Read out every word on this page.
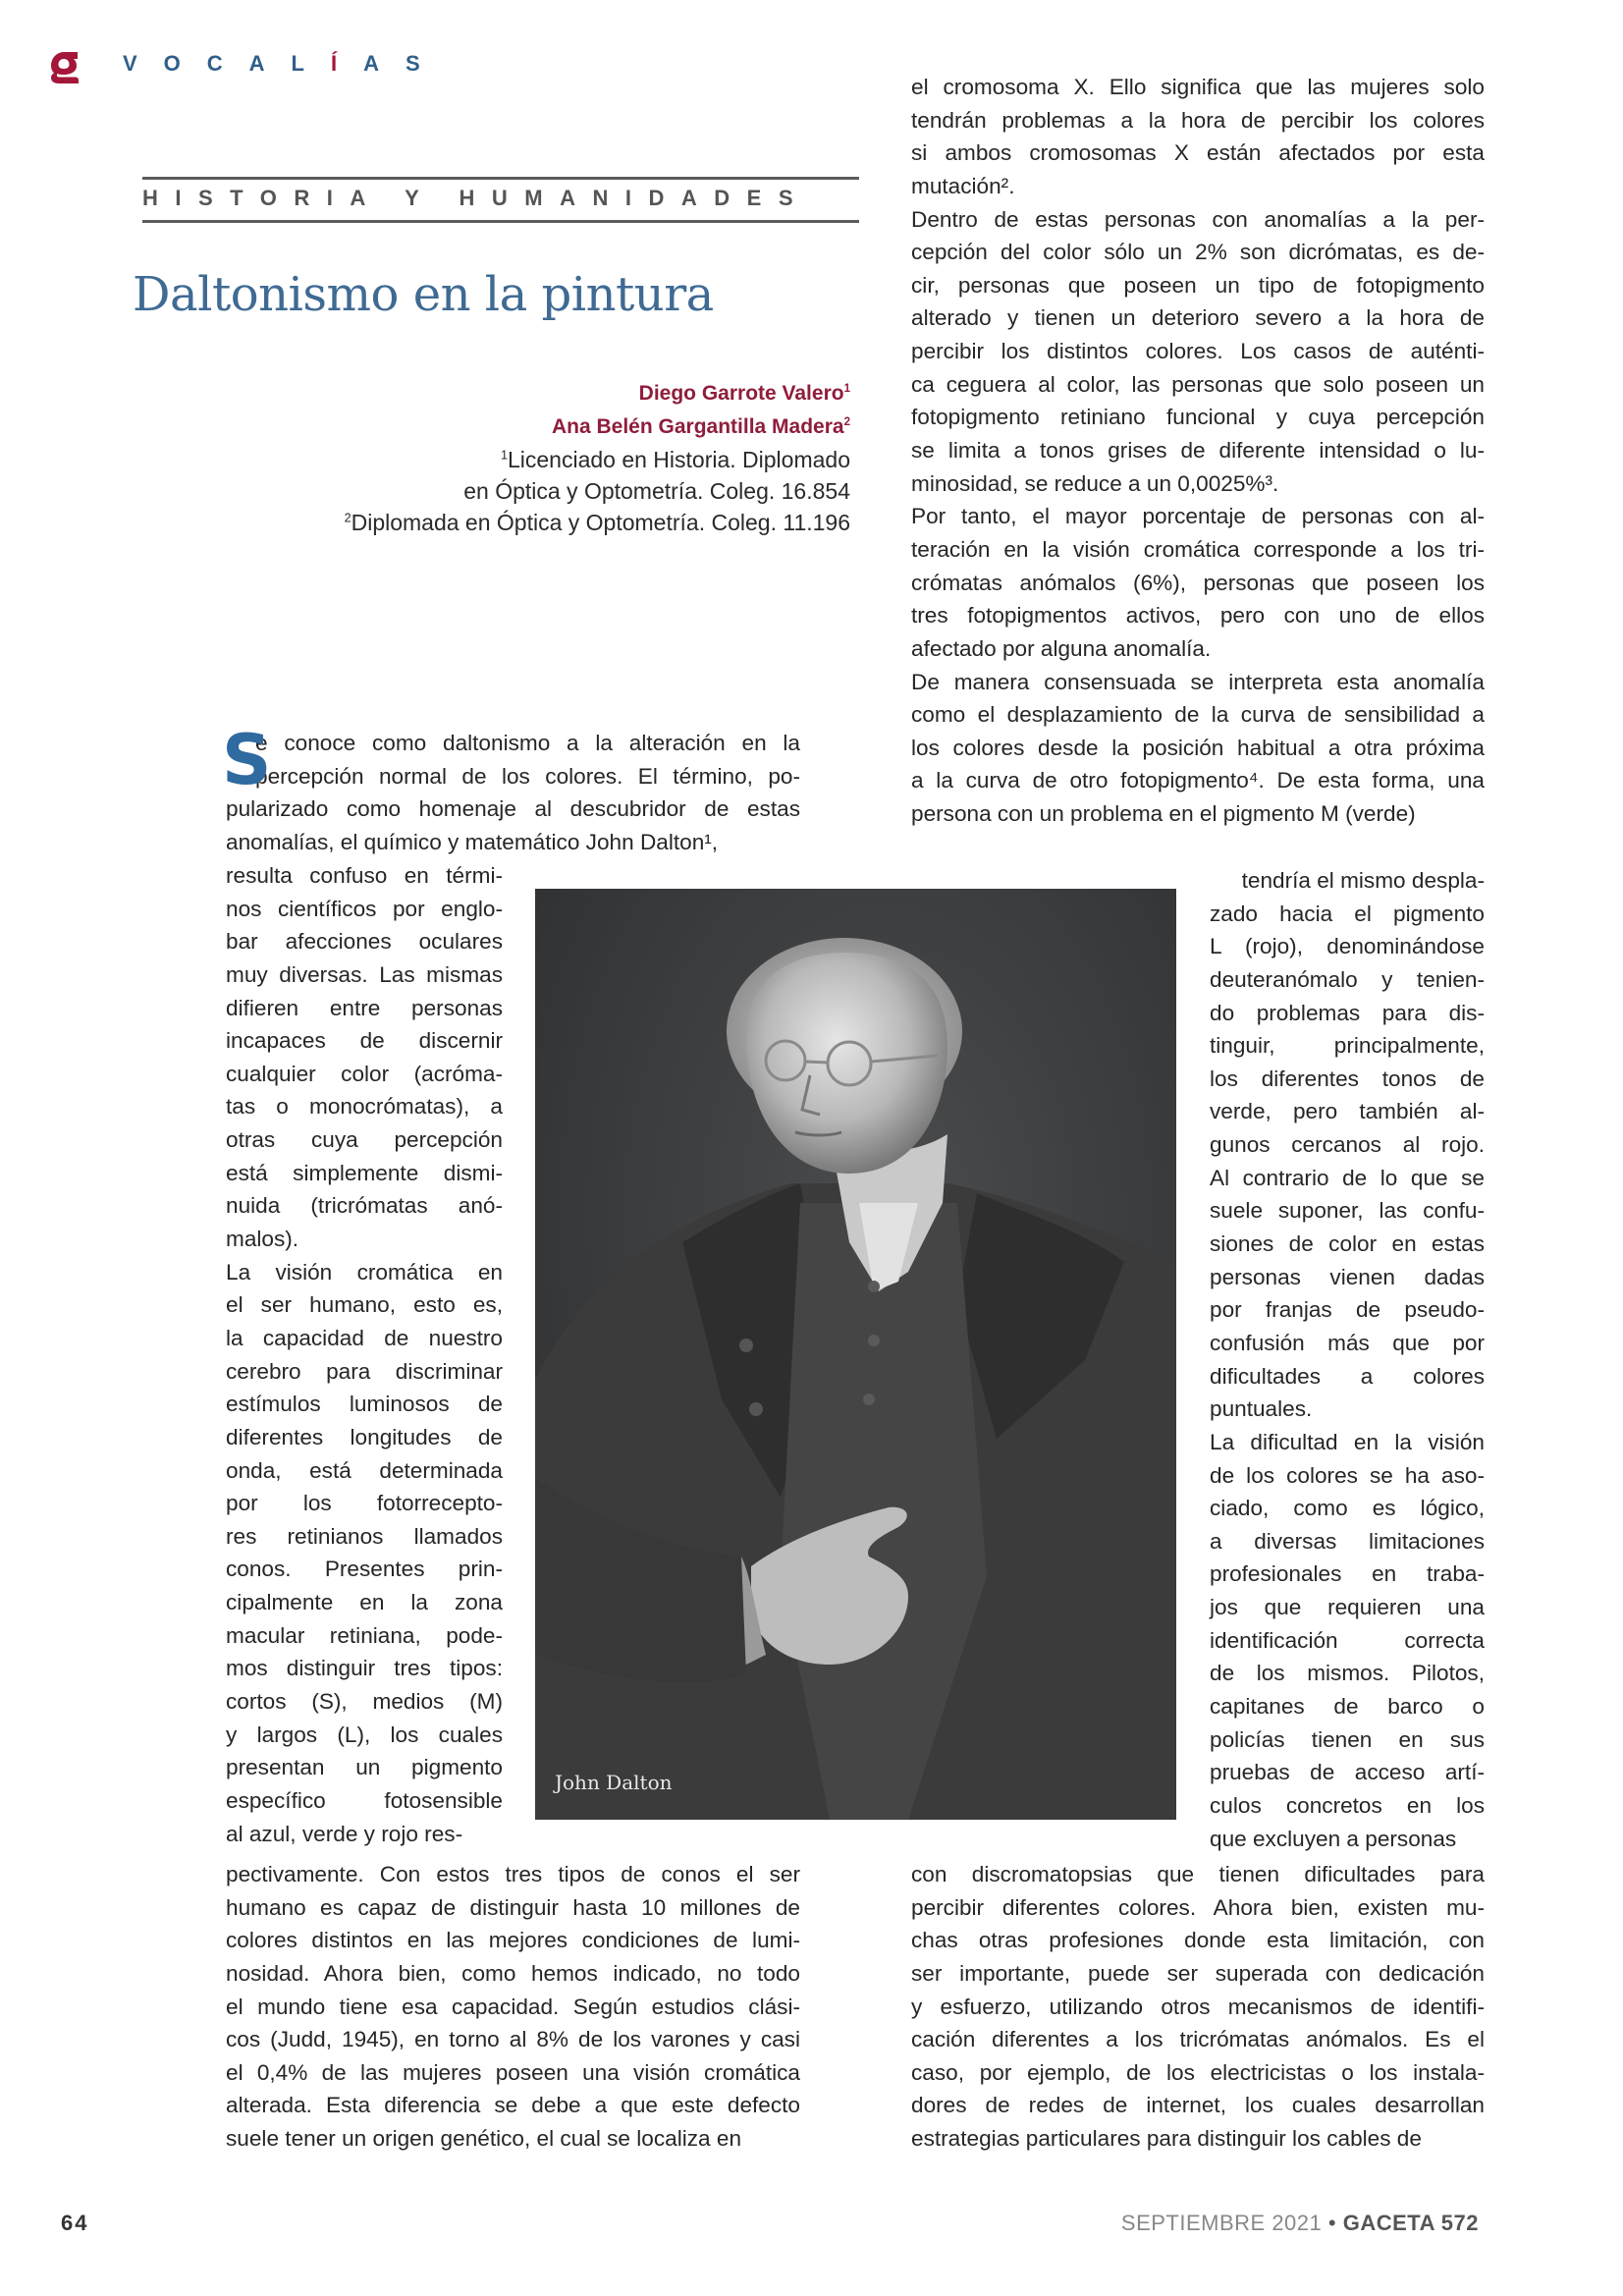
VOCALÍAS
HISTORIA Y HUMANIDADES
Daltonismo en la pintura
Diego Garrote Valero$^1$
Ana Belén Gargantilla Madera$^2$
$^1$Licenciado en Historia. Diplomado
en Óptica y Optometría. Coleg. 16.854
$^2$Diplomada en Óptica y Optometría. Coleg. 11.196
S
e conoce como daltonismo a la alteración en la
percepción normal de los colores. El término, po-
pularizado como homenaje al descubridor de estas
anomalías, el químico y matemático John Dalton¹,
resulta confuso en térmi-
nos científicos por englo-
bar afecciones oculares
muy diversas. Las mismas
difieren entre personas
incapaces de discernir
cualquier color (acróma-
tas o monocrómatas), a
otras cuya percepción
está simplemente dismi-
nuida (tricrómatas anó-
malos).
La visión cromática en
el ser humano, esto es,
la capacidad de nuestro
cerebro para discriminar
estímulos luminosos de
diferentes longitudes de
onda, está determinada
por los fotorrecepto-
res retinianos llamados
conos. Presentes prin-
cipalmente en la zona
macular retiniana, pode-
mos distinguir tres tipos:
cortos (S), medios (M)
y largos (L), los cuales
presentan un pigmento
específico fotosensible
al azul, verde y rojo res-
pectivamente. Con estos tres tipos de conos el ser
humano es capaz de distinguir hasta 10 millones de
colores distintos en las mejores condiciones de lumi-
nosidad. Ahora bien, como hemos indicado, no todo
el mundo tiene esa capacidad. Según estudios clási-
cos (Judd, 1945), en torno al 8% de los varones y casi
el 0,4% de las mujeres poseen una visión cromática
alterada. Esta diferencia se debe a que este defecto
suele tener un origen genético, el cual se localiza en
John Dalton
el cromosoma X. Ello significa que las mujeres solo
tendrán problemas a la hora de percibir los colores
si ambos cromosomas X están afectados por esta
mutación².
Dentro de estas personas con anomalías a la per-
cepción del color sólo un 2% son dicrómatas, es de-
cir, personas que poseen un tipo de fotopigmento
alterado y tienen un deterioro severo a la hora de
percibir los distintos colores. Los casos de auténti-
ca ceguera al color, las personas que solo poseen un
fotopigmento retiniano funcional y cuya percepción
se limita a tonos grises de diferente intensidad o lu-
minosidad, se reduce a un 0,0025%³.
Por tanto, el mayor porcentaje de personas con al-
teración en la visión cromática corresponde a los tri-
crómatas anómalos (6%), personas que poseen los
tres fotopigmentos activos, pero con uno de ellos
afectado por alguna anomalía.
De manera consensuada se interpreta esta anomalía
como el desplazamiento de la curva de sensibilidad a
los colores desde la posición habitual a otra próxima
a la curva de otro fotopigmento⁴. De esta forma, una
persona con un problema en el pigmento M (verde)
tendría el mismo despla-
zado hacia el pigmento
L (rojo), denominándose
deuteranómalo y tenien-
do problemas para dis-
tinguir, principalmente,
los diferentes tonos de
verde, pero también al-
gunos cercanos al rojo.
Al contrario de lo que se
suele suponer, las confu-
siones de color en estas
personas vienen dadas
por franjas de pseudo-
confusión más que por
dificultades a colores
puntuales.
La dificultad en la visión
de los colores se ha aso-
ciado, como es lógico,
a diversas limitaciones
profesionales en traba-
jos que requieren una
identificación correcta
de los mismos. Pilotos,
capitanes de barco o
policías tienen en sus
pruebas de acceso artí-
culos concretos en los
que excluyen a personas
con discromatopsias que tienen dificultades para
percibir diferentes colores. Ahora bien, existen mu-
chas otras profesiones donde esta limitación, con
ser importante, puede ser superada con dedicación
y esfuerzo, utilizando otros mecanismos de identifi-
cación diferentes a los tricrómatas anómalos. Es el
caso, por ejemplo, de los electricistas o los instala-
dores de redes de internet, los cuales desarrollan
estrategias particulares para distinguir los cables de
64	SEPTIEMBRE 2021 • GACETA 572
